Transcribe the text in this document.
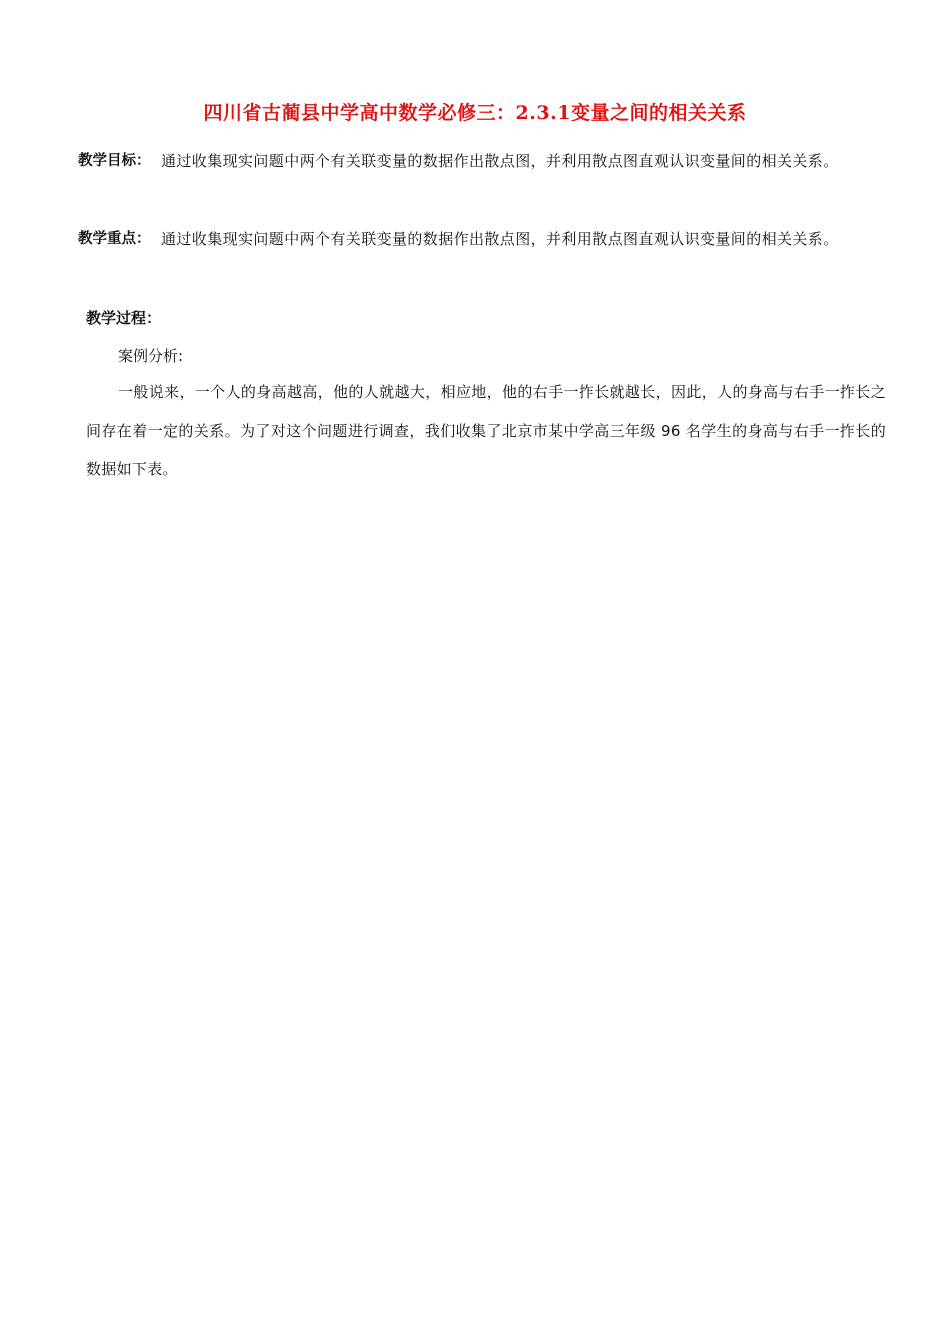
四川省古蔺县中学高中数学必修三：2.3.1变量之间的相关关系
教学目标： 通过收集现实问题中两个有关联变量的数据作出散点图，并利用散点图直观认识变量间的相关关系。
教学重点： 通过收集现实问题中两个有关联变量的数据作出散点图，并利用散点图直观认识变量间的相关关系。
教学过程：
案例分析:
一般说来，一个人的身高越高，他的人就越大，相应地，他的右手一拃长就越长，因此，人的身高与右手一拃长之间存在着一定的关系。为了对这个问题进行调查，我们收集了北京市某中学高三年级 96 名学生的身高与右手一拃长的数据如下表。
